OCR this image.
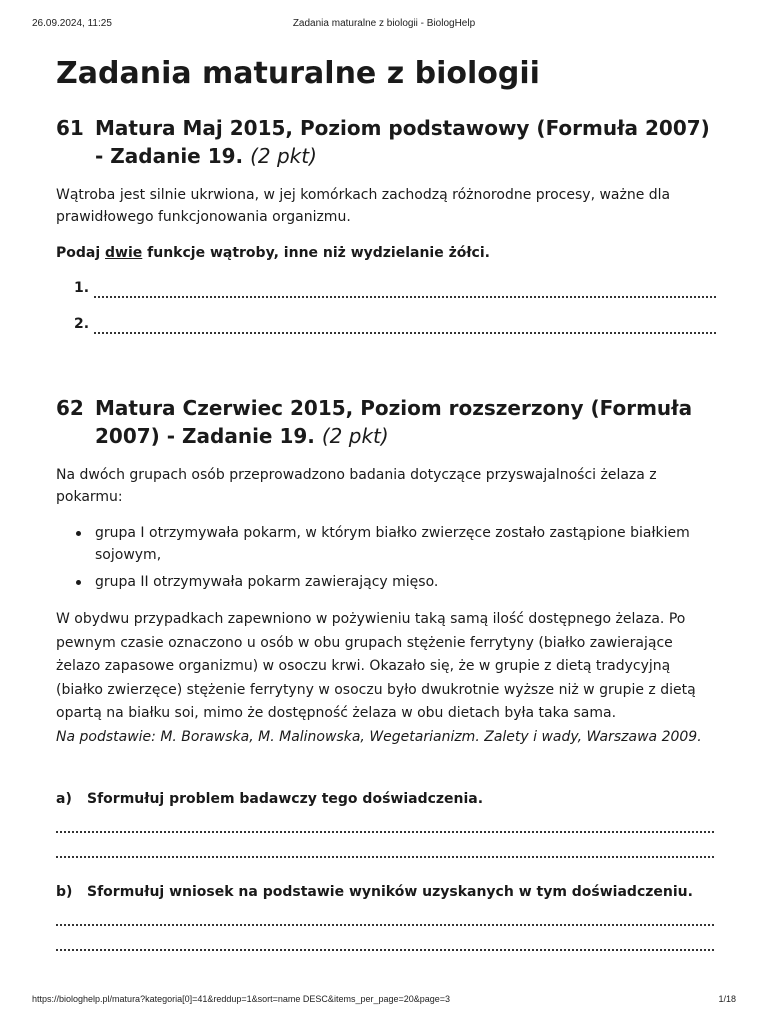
26.09.2024, 11:25	Zadania maturalne z biologii - BiologHelp
Zadania maturalne z biologii
61 Matura Maj 2015, Poziom podstawowy (Formuła 2007) - Zadanie 19. (2 pkt)

Wątroba jest silnie ukrwiona, w jej komórkach zachodzą różnorodne procesy, ważne dla prawidłowego funkcjonowania organizmu.

Podaj dwie funkcje wątroby, inne niż wydzielanie żółci.

1.
2.
62 Matura Czerwiec 2015, Poziom rozszerzony (Formuła 2007) - Zadanie 19. (2 pkt)

Na dwóch grupach osób przeprowadzono badania dotyczące przyswajalności żelaza z pokarmu:

grupa I otrzymywała pokarm, w którym białko zwierzęce zostało zastąpione białkiem sojowym,
grupa II otrzymywała pokarm zawierający mięso.

W obydwu przypadkach zapewniono w pożywieniu taką samą ilość dostępnego żelaza. Po pewnym czasie oznaczono u osób w obu grupach stężenie ferrytyny (białko zawierające żelazo zapasowe organizmu) w osoczu krwi. Okazało się, że w grupie z dietą tradycyjną (białko zwierzęce) stężenie ferrytyny w osoczu było dwukrotnie wyższe niż w grupie z dietą opartą na białku soi, mimo że dostępność żelaza w obu dietach była taka sama.

Na podstawie: M. Borawska, M. Malinowska, Wegetarianizm. Zalety i wady, Warszawa 2009.

a) Sformułuj problem badawczy tego doświadczenia.
b) Sformułuj wniosek na podstawie wyników uzyskanych w tym doświadczeniu.
https://biologhelp.pl/matura?kategoria[0]=41&reddup=1&sort=name DESC&items_per_page=20&page=3	1/18
